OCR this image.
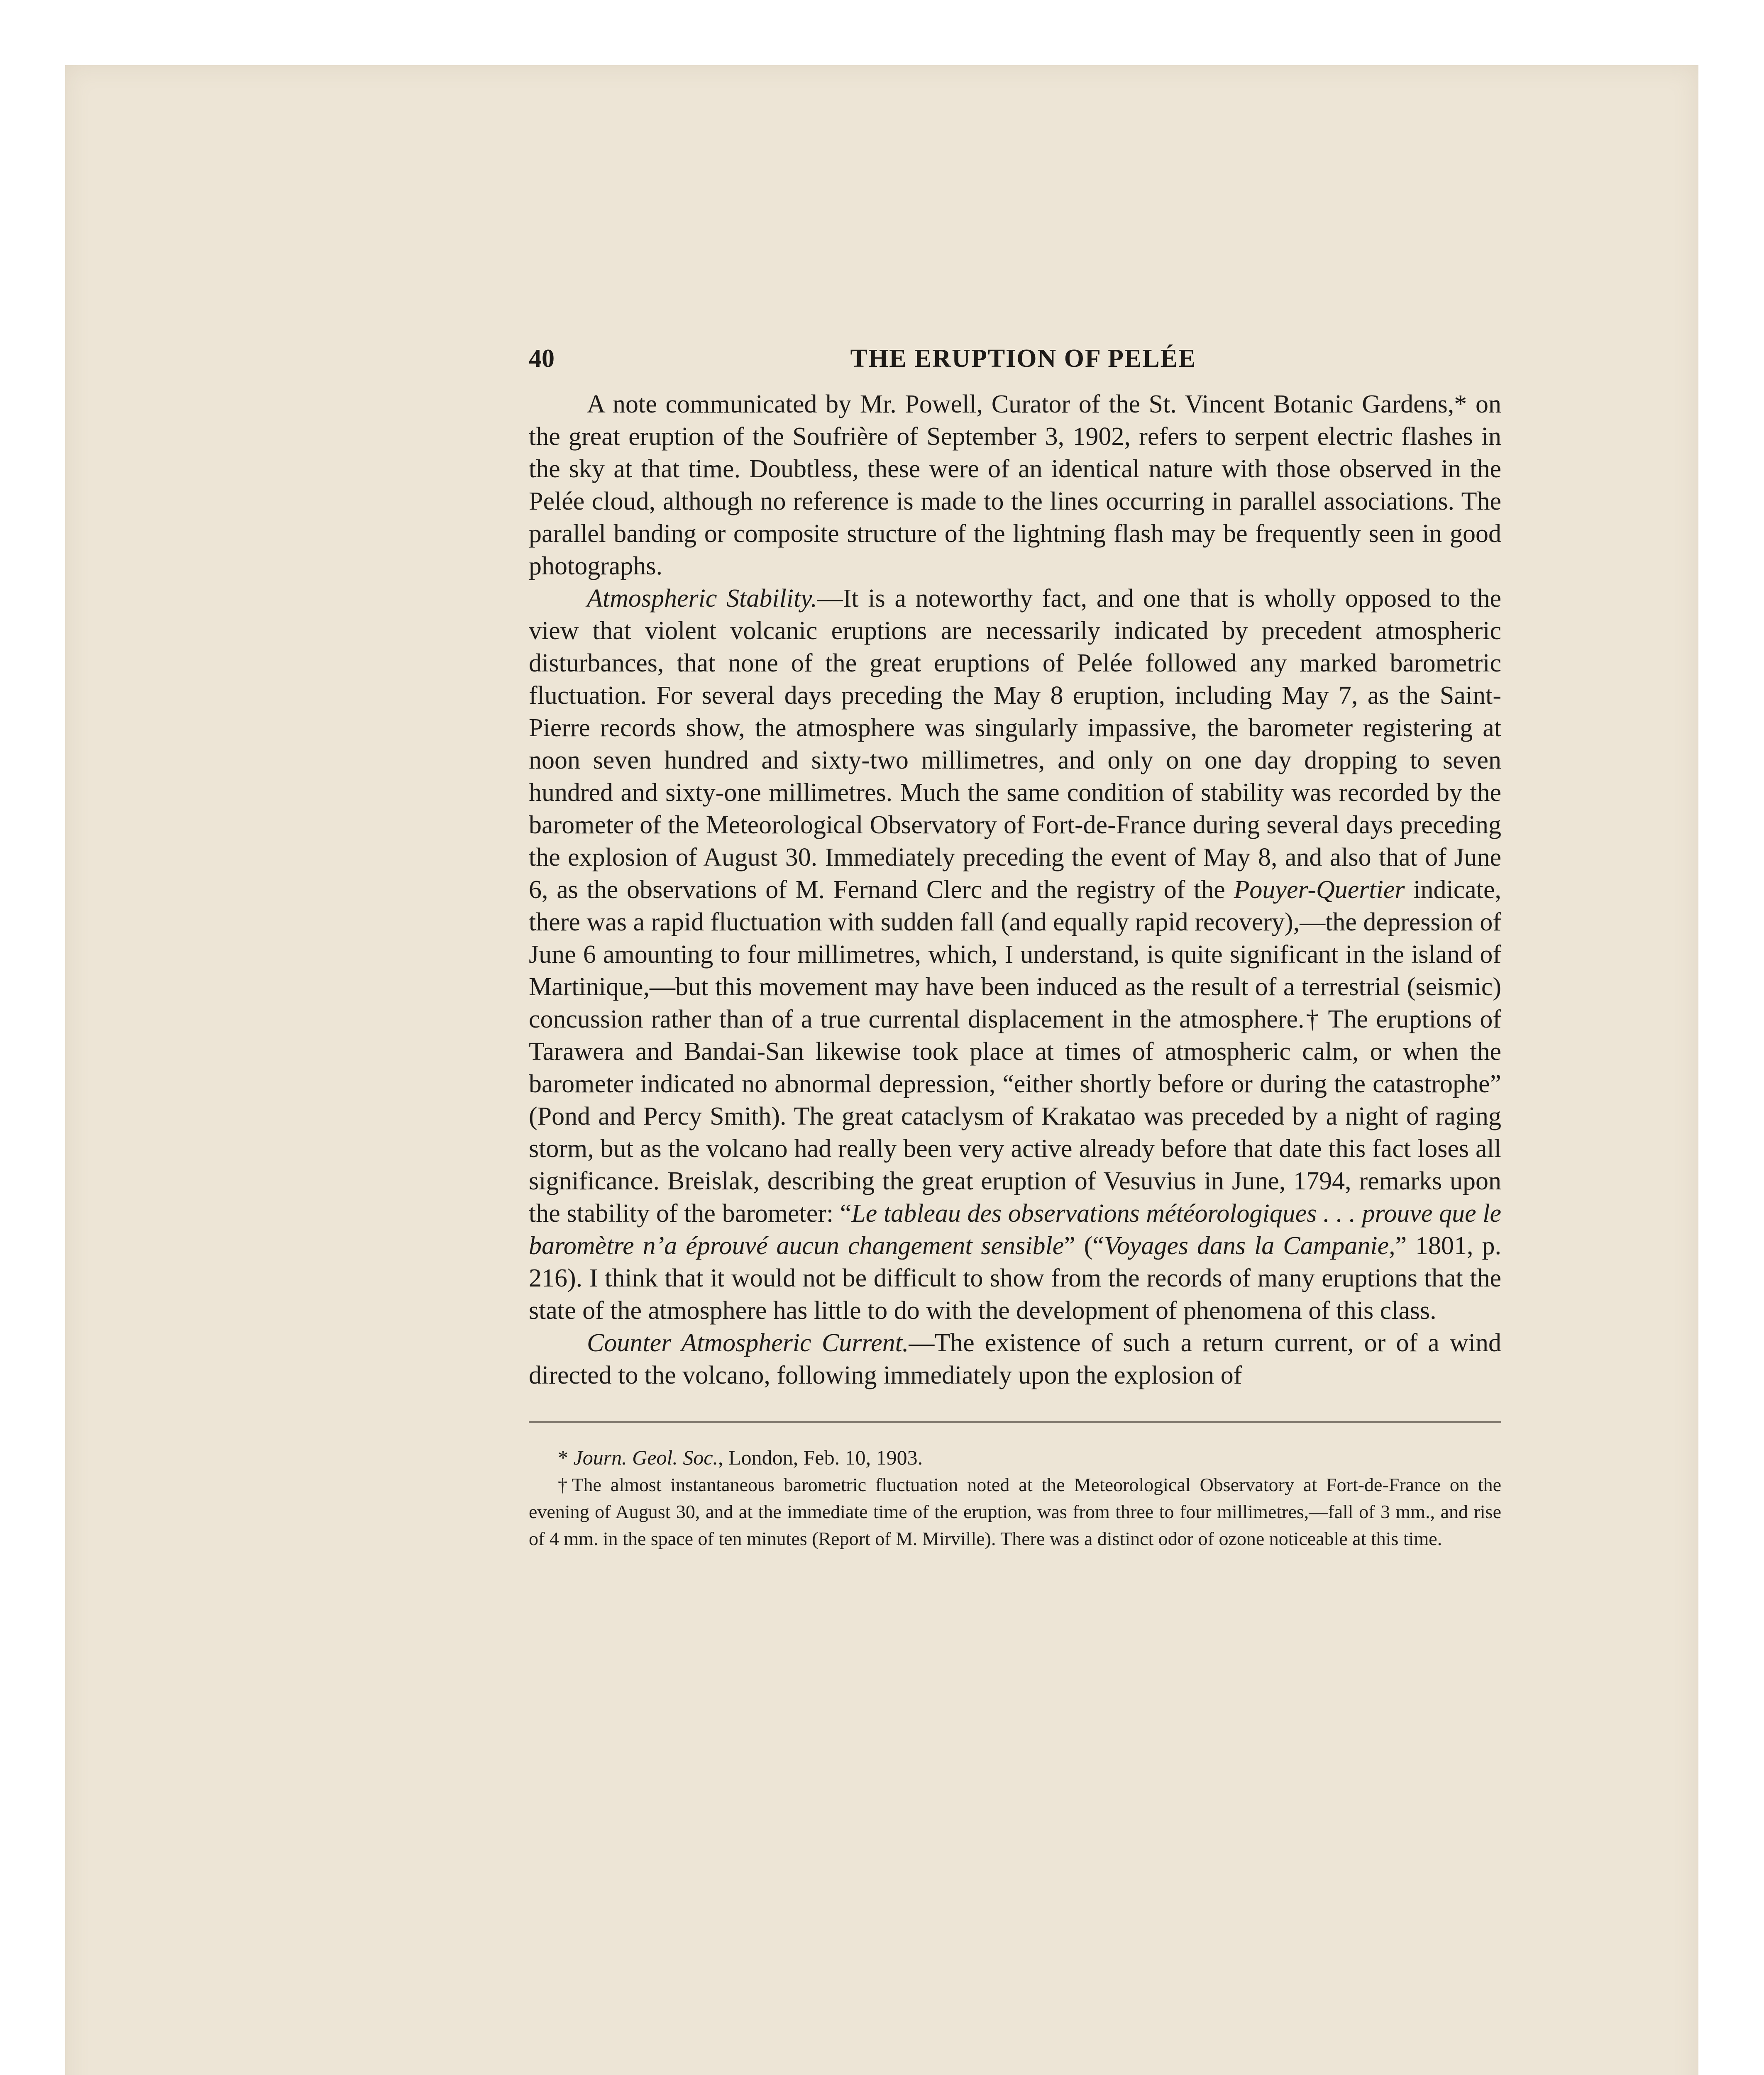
40	THE ERUPTION OF PELÉE

A note communicated by Mr. Powell, Curator of the St. Vincent Botanic Gardens,* on the great eruption of the Soufrière of September 3, 1902, refers to serpent electric flashes in the sky at that time. Doubtless, these were of an identical nature with those observed in the Pelée cloud, although no reference is made to the lines occurring in parallel associations. The parallel banding or composite structure of the lightning flash may be frequently seen in good photographs.

Atmospheric Stability.—It is a noteworthy fact, and one that is wholly opposed to the view that violent volcanic eruptions are necessarily indicated by precedent atmospheric disturbances, that none of the great eruptions of Pelée followed any marked barometric fluctuation. For several days preceding the May 8 eruption, including May 7, as the Saint-Pierre records show, the atmosphere was singularly impassive, the barometer registering at noon seven hundred and sixty-two millimetres, and only on one day dropping to seven hundred and sixty-one millimetres. Much the same condition of stability was recorded by the barometer of the Meteorological Observatory of Fort-de-France during several days preceding the explosion of August 30. Immediately preceding the event of May 8, and also that of June 6, as the observations of M. Fernand Clerc and the registry of the Pouyer-Quertier indicate, there was a rapid fluctuation with sudden fall (and equally rapid recovery),—the depression of June 6 amounting to four millimetres, which, I understand, is quite significant in the island of Martinique,—but this movement may have been induced as the result of a terrestrial (seismic) concussion rather than of a true currental displacement in the atmosphere.† The eruptions of Tarawera and Bandai-San likewise took place at times of atmospheric calm, or when the barometer indicated no abnormal depression, “either shortly before or during the catastrophe” (Pond and Percy Smith). The great cataclysm of Krakatao was preceded by a night of raging storm, but as the volcano had really been very active already before that date this fact loses all significance. Breislak, describing the great eruption of Vesuvius in June, 1794, remarks upon the stability of the barometer: “Le tableau des observations météorologiques . . . prouve que le baromètre n’a éprouvé aucun changement sensible” (“Voyages dans la Campanie,” 1801, p. 216). I think that it would not be difficult to show from the records of many eruptions that the state of the atmosphere has little to do with the development of phenomena of this class.

Counter Atmospheric Current.—The existence of such a return current, or of a wind directed to the volcano, following immediately upon the explosion of

* Journ. Geol. Soc., London, Feb. 10, 1903.

†The almost instantaneous barometric fluctuation noted at the Meteorological Observatory at Fort-de-France on the evening of August 30, and at the immediate time of the eruption, was from three to four millimetres,—fall of 3 mm., and rise of 4 mm. in the space of ten minutes (Report of M. Mirville). There was a distinct odor of ozone noticeable at this time.
